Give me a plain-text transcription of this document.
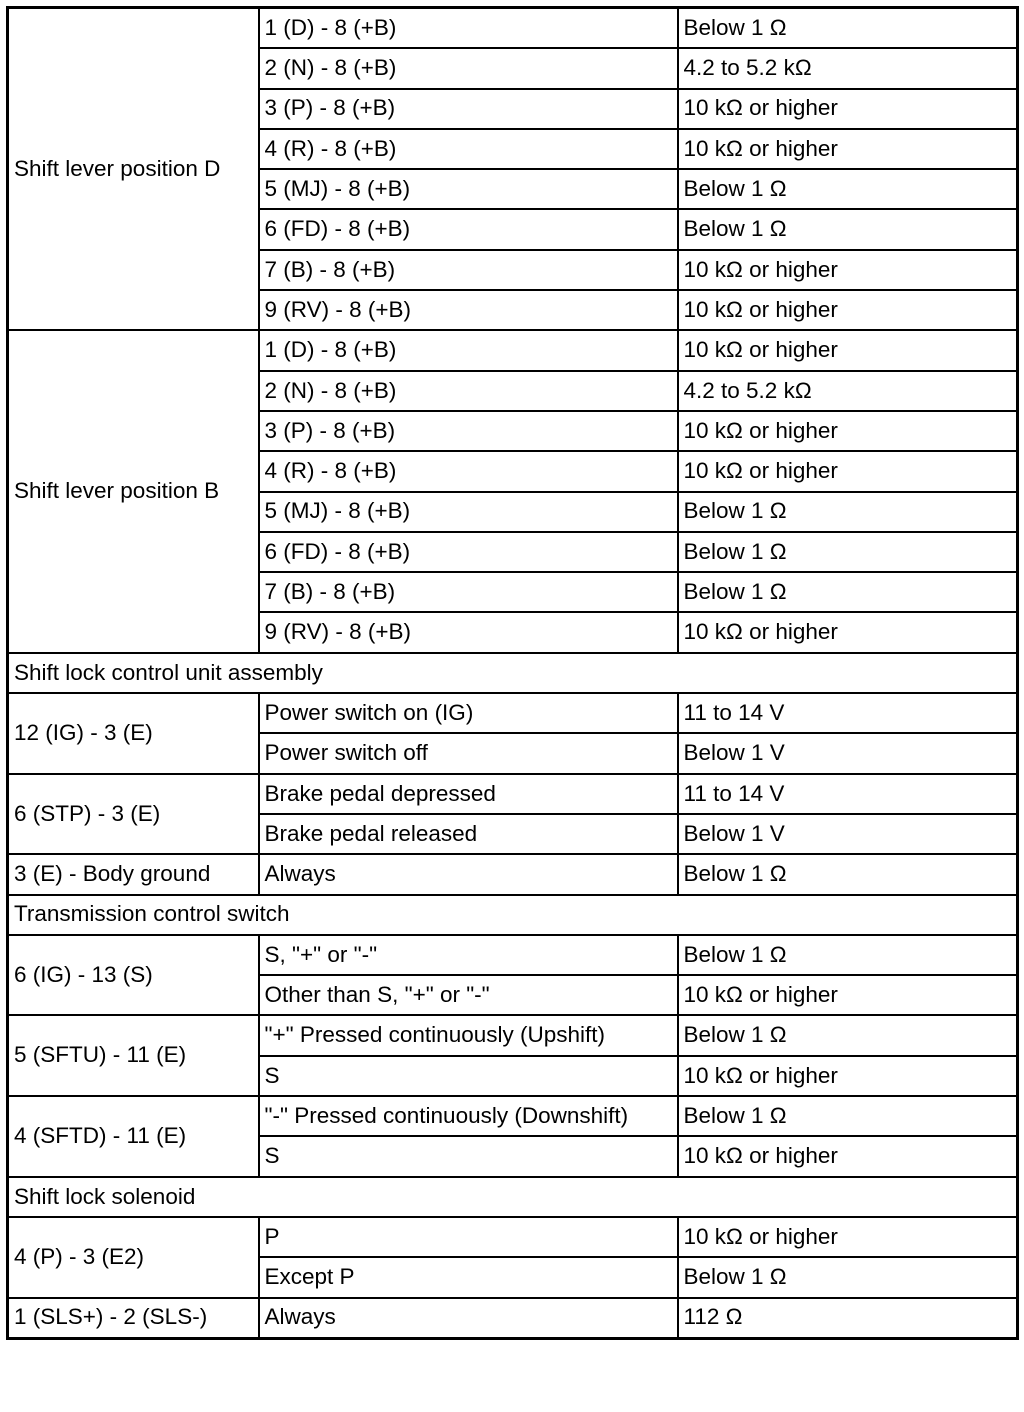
Shift lever position D	1 (D) - 8 (+B)	Below 1 Ω
	2 (N) - 8 (+B)	4.2 to 5.2 kΩ
	3 (P) - 8 (+B)	10 kΩ or higher
	4 (R) - 8 (+B)	10 kΩ or higher
	5 (MJ) - 8 (+B)	Below 1 Ω
	6 (FD) - 8 (+B)	Below 1 Ω
	7 (B) - 8 (+B)	10 kΩ or higher
	9 (RV) - 8 (+B)	10 kΩ or higher
Shift lever position B	1 (D) - 8 (+B)	10 kΩ or higher
	2 (N) - 8 (+B)	4.2 to 5.2 kΩ
	3 (P) - 8 (+B)	10 kΩ or higher
	4 (R) - 8 (+B)	10 kΩ or higher
	5 (MJ) - 8 (+B)	Below 1 Ω
	6 (FD) - 8 (+B)	Below 1 Ω
	7 (B) - 8 (+B)	Below 1 Ω
	9 (RV) - 8 (+B)	10 kΩ or higher
Shift lock control unit assembly		
12 (IG) - 3 (E)	Power switch on (IG)	11 to 14 V
	Power switch off	Below 1 V
6 (STP) - 3 (E)	Brake pedal depressed	11 to 14 V
	Brake pedal released	Below 1 V
3 (E) - Body ground	Always	Below 1 Ω
Transmission control switch		
6 (IG) - 13 (S)	S, "+" or "-"	Below 1 Ω
	Other than S, "+" or "-"	10 kΩ or higher
5 (SFTU) - 11 (E)	"+" Pressed continuously (Upshift)	Below 1 Ω
	S	10 kΩ or higher
4 (SFTD) - 11 (E)	"-" Pressed continuously (Downshift)	Below 1 Ω
	S	10 kΩ or higher
Shift lock solenoid		
4 (P) - 3 (E2)	P	10 kΩ or higher
	Except P	Below 1 Ω
1 (SLS+) - 2 (SLS-)	Always	112 Ω
